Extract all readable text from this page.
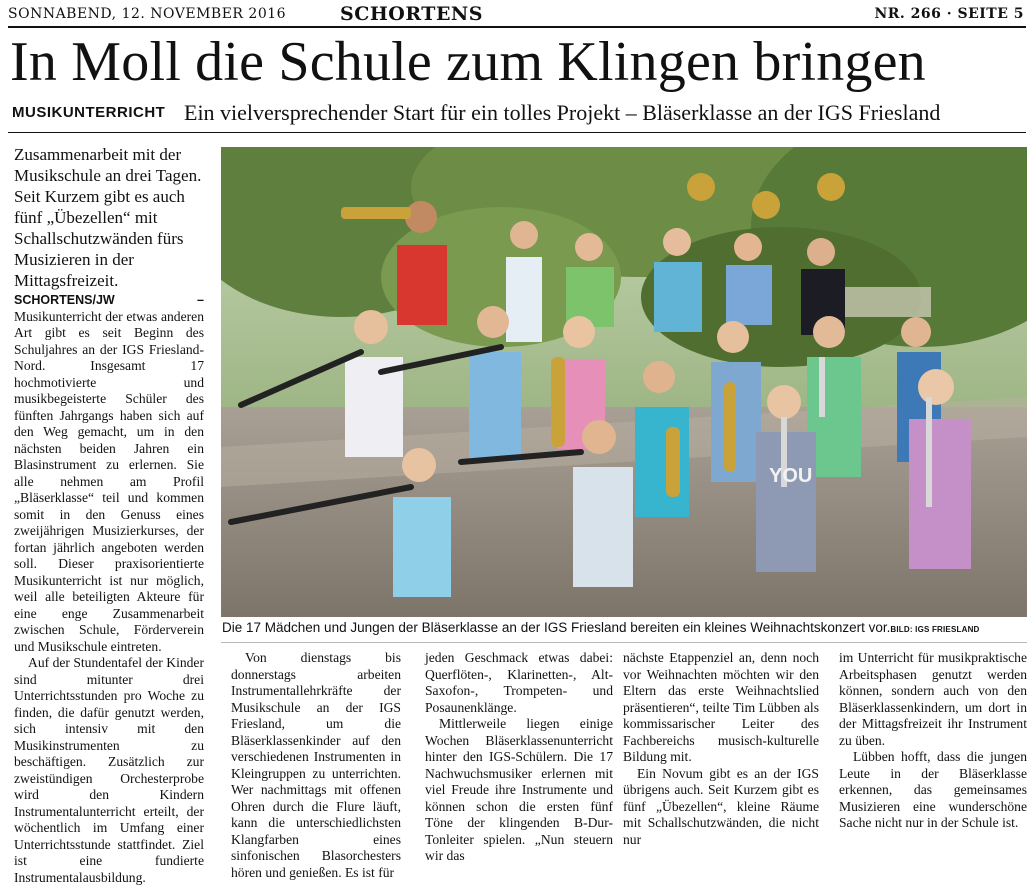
SONNABEND, 12. NOVEMBER 2016	SCHORTENS	NR. 266 · SEITE 5
In Moll die Schule zum Klingen bringen
MUSIKUNTERRICHT Ein vielversprechender Start für ein tolles Projekt – Bläserklasse an der IGS Friesland
Zusammenarbeit mit der Musikschule an drei Tagen. Seit Kurzem gibt es auch fünf „Übezellen“ mit Schallschutzwänden fürs Musizieren in der Mittagsfreizeit.

SCHORTENS/JW – Musikunterricht der etwas anderen Art gibt es seit Beginn des Schuljahres an der IGS Friesland-Nord. Insgesamt 17 hochmotivierte und musikbegeisterte Schüler des fünften Jahrgangs haben sich auf den Weg gemacht, um in den nächsten beiden Jahren ein Blasinstrument zu erlernen. Sie alle nehmen am Profil „Bläserklasse“ teil und kommen somit in den Genuss eines zweijährigen Musizierkurses, der fortan jährlich angeboten werden soll. Dieser praxisorientierte Musikunterricht ist nur möglich, weil alle beteiligten Akteure für eine enge Zusammenarbeit zwischen Schule, Förderverein und Musikschule eintreten.

Auf der Stundentafel der Kinder sind mitunter drei Unterrichtsstunden pro Woche zu finden, die dafür genutzt werden, sich intensiv mit den Musikinstrumenten zu beschäftigen. Zusätzlich zur zweistündigen Orchesterprobe wird den Kindern Instrumentalunterricht erteilt, der wöchentlich im Umfang einer Unterrichtsstunde stattfindet. Ziel ist eine fundierte Instrumentalausbildung.

YOU
Die 17 Mädchen und Jungen der Bläserklasse an der IGS Friesland bereiten ein kleines Weihnachtskonzert vor.BILD: IGS FRIESLAND

Von dienstags bis donnerstags arbeiten Instrumentallehrkräfte der Musikschule an der IGS Friesland, um die Bläserklassenkinder auf den verschiedenen Instrumenten in Kleingruppen zu unterrichten. Wer nachmittags mit offenen Ohren durch die Flure läuft, kann die unterschiedlichsten Klangfarben eines sinfonischen Blasorchesters hören und genießen. Es ist für

jeden Geschmack etwas dabei: Querflöten-, Klarinetten-, Alt-Saxofon-, Trompeten- und Posaunenklänge.

Mittlerweile liegen einige Wochen Bläserklassenunterricht hinter den IGS-Schülern. Die 17 Nachwuchsmusiker erlernen mit viel Freude ihre Instrumente und können schon die ersten fünf Töne der klingenden B-Dur-Tonleiter spielen. „Nun steuern wir das

nächste Etappenziel an, denn noch vor Weihnachten möchten wir den Eltern das erste Weihnachtslied präsentieren“, teilte Tim Lübben als kommissarischer Leiter des Fachbereichs musisch-kulturelle Bildung mit.

Ein Novum gibt es an der IGS übrigens auch. Seit Kurzem gibt es fünf „Übezellen“, kleine Räume mit Schallschutzwänden, die nicht nur

im Unterricht für musikpraktische Arbeitsphasen genutzt werden können, sondern auch von den Bläserklassenkindern, um dort in der Mittagsfreizeit ihr Instrument zu üben.

Lübben hofft, dass die jungen Leute in der Bläserklasse erkennen, das gemeinsames Musizieren eine wunderschöne Sache nicht nur in der Schule ist.
